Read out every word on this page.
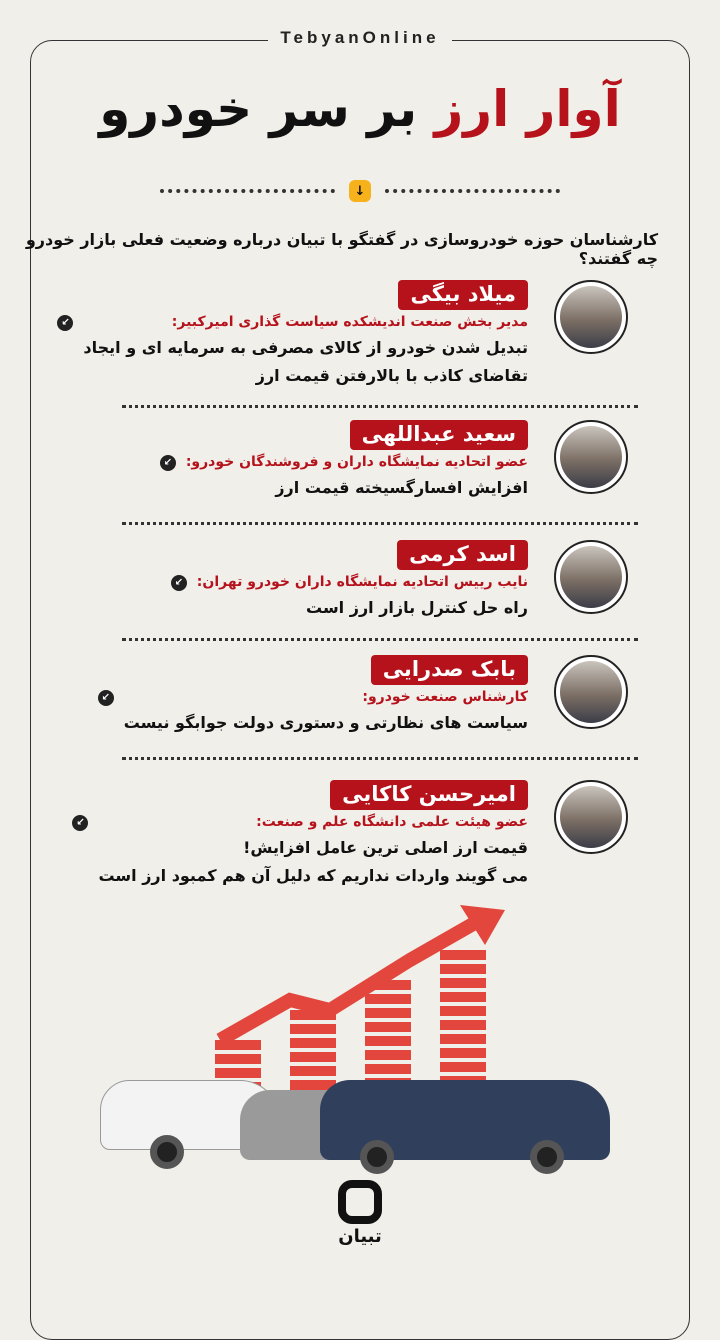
TebyanOnline
آوار ارز بر سر خودرو
↓
کارشناسان حوزه خودروسازی در گفتگو با تبیان درباره وضعیت فعلی بازار خودرو چه گفتند؟
میلاد بیگی
مدیر بخش صنعت اندیشکده سیاست گذاری امیرکبیر:
↙
تبدیل شدن خودرو از کالای مصرفی به سرمایه ای و ایجاد
تقاضای کاذب با بالارفتن قیمت ارز
سعید عبداللهی
عضو اتحادیه نمایشگاه داران و فروشندگان خودرو:
↙
افزایش افسارگسیخته قیمت ارز
اسد کرمی
نایب رییس اتحادیه نمایشگاه داران خودرو تهران:
↙
راه حل کنترل بازار ارز است
بابک صدرایی
کارشناس صنعت خودرو:
↙
سیاست های نظارتی و دستوری دولت جوابگو نیست
امیرحسن کاکایی
عضو هیئت علمی دانشگاه علم و صنعت:
↙
قیمت ارز اصلی ترین عامل افزایش!
می گویند واردات نداریم که دلیل آن هم کمبود ارز است
تبیان
